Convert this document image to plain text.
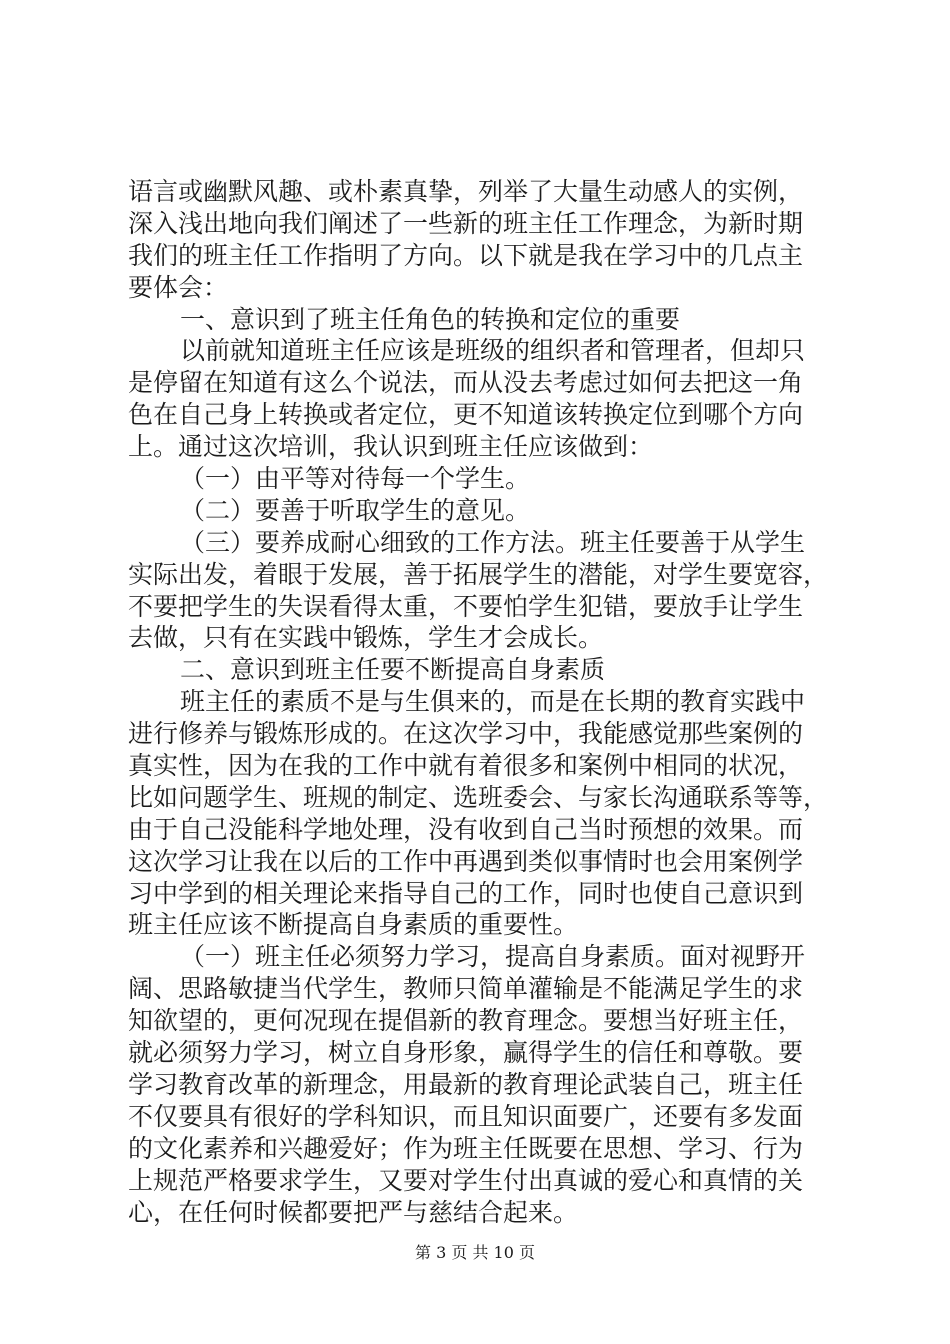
语言或幽默风趣、或朴素真挚，列举了大量生动感人的实例，
深入浅出地向我们阐述了一些新的班主任工作理念，为新时期
我们的班主任工作指明了方向。以下就是我在学习中的几点主
要体会：
一、意识到了班主任角色的转换和定位的重要
以前就知道班主任应该是班级的组织者和管理者，但却只
是停留在知道有这么个说法，而从没去考虑过如何去把这一角
色在自己身上转换或者定位，更不知道该转换定位到哪个方向
上。通过这次培训，我认识到班主任应该做到：
（一）由平等对待每一个学生。
（二）要善于听取学生的意见。
（三）要养成耐心细致的工作方法。班主任要善于从学生
实际出发，着眼于发展，善于拓展学生的潜能，对学生要宽容，
不要把学生的失误看得太重，不要怕学生犯错，要放手让学生
去做，只有在实践中锻炼，学生才会成长。
二、意识到班主任要不断提高自身素质
班主任的素质不是与生俱来的，而是在长期的教育实践中
进行修养与锻炼形成的。在这次学习中，我能感觉那些案例的
真实性，因为在我的工作中就有着很多和案例中相同的状况，
比如问题学生、班规的制定、选班委会、与家长沟通联系等等，
由于自己没能科学地处理，没有收到自己当时预想的效果。而
这次学习让我在以后的工作中再遇到类似事情时也会用案例学
习中学到的相关理论来指导自己的工作，同时也使自己意识到
班主任应该不断提高自身素质的重要性。
（一）班主任必须努力学习，提高自身素质。面对视野开
阔、思路敏捷当代学生，教师只简单灌输是不能满足学生的求
知欲望的，更何况现在提倡新的教育理念。要想当好班主任，
就必须努力学习，树立自身形象，赢得学生的信任和尊敬。要
学习教育改革的新理念，用最新的教育理论武装自己，班主任
不仅要具有很好的学科知识，而且知识面要广，还要有多发面
的文化素养和兴趣爱好；作为班主任既要在思想、学习、行为
上规范严格要求学生，又要对学生付出真诚的爱心和真情的关
心，在任何时候都要把严与慈结合起来。
第 3 页 共 10 页
